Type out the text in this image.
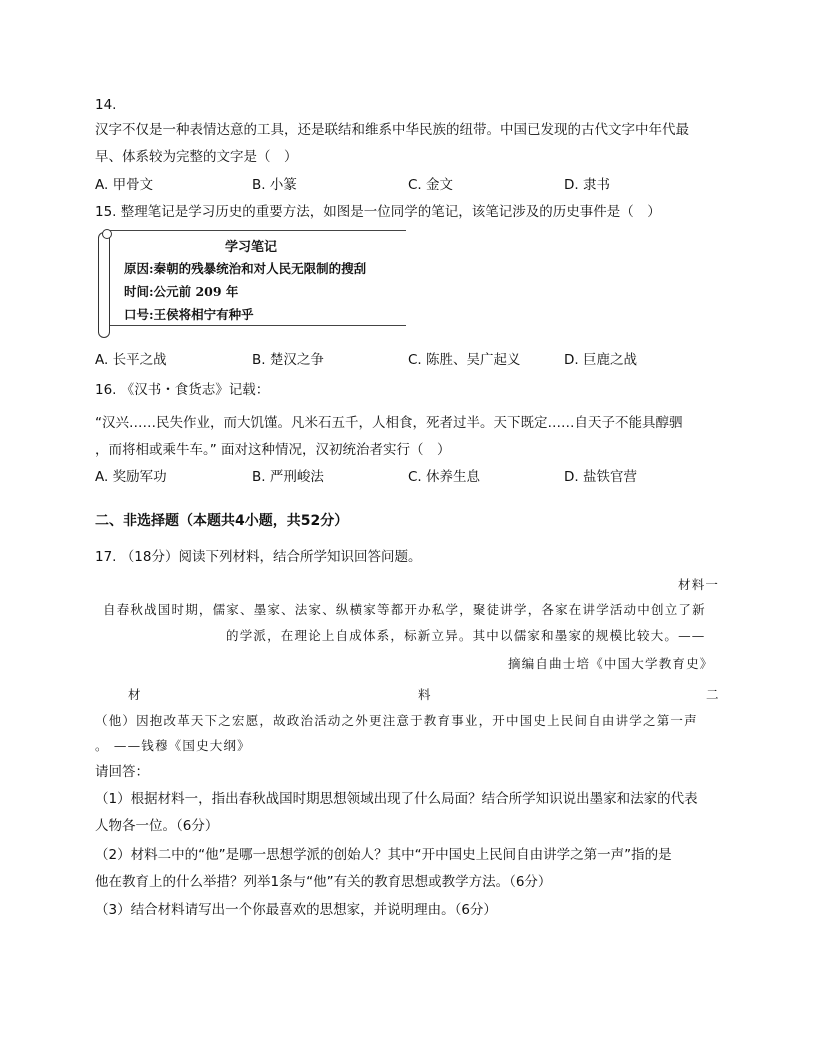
14.
汉字不仅是一种表情达意的工具，还是联结和维系中华民族的纽带。中国已发现的古代文字中年代最
早、体系较为完整的文字是（　）
A. 甲骨文	B. 小篆	C. 金文	D. 隶书
15. 整理笔记是学习历史的重要方法，如图是一位同学的笔记，该笔记涉及的历史事件是（　）
学习笔记
原因:秦朝的残暴统治和对人民无限制的搜刮
时间:公元前 209 年
口号:王侯将相宁有种乎
A. 长平之战	B. 楚汉之争	C. 陈胜、吴广起义	D. 巨鹿之战
16. 《汉书・食货志》记载：
“汉兴……民失作业，而大饥馑。凡米石五千，人相食，死者过半。天下既定……自天子不能具醇驷
，而将相或乘牛车。” 面对这种情况，汉初统治者实行（　）
A. 奖励军功	B. 严刑峻法	C. 休养生息	D. 盐铁官营
二、非选择题（本题共4小题，共52分）
17. （18分）阅读下列材料，结合所学知识回答问题。
材料一
自春秋战国时期，儒家、墨家、法家、纵横家等都开办私学，聚徒讲学，各家在讲学活动中创立了新
的学派，在理论上自成体系，标新立异。其中以儒家和墨家的规模比较大。——
摘编自曲士培《中国大学教育史》
材	料	二
（他）因抱改革天下之宏愿，故政治活动之外更注意于教育事业，开中国史上民间自由讲学之第一声
。 ——钱穆《国史大纲》
请回答：
（1）根据材料一，指出春秋战国时期思想领域出现了什么局面？结合所学知识说出墨家和法家的代表
人物各一位。（6分）
（2）材料二中的“他”是哪一思想学派的创始人？其中“开中国史上民间自由讲学之第一声”指的是
他在教育上的什么举措？列举1条与“他”有关的教育思想或教学方法。（6分）
（3）结合材料请写出一个你最喜欢的思想家，并说明理由。（6分）
